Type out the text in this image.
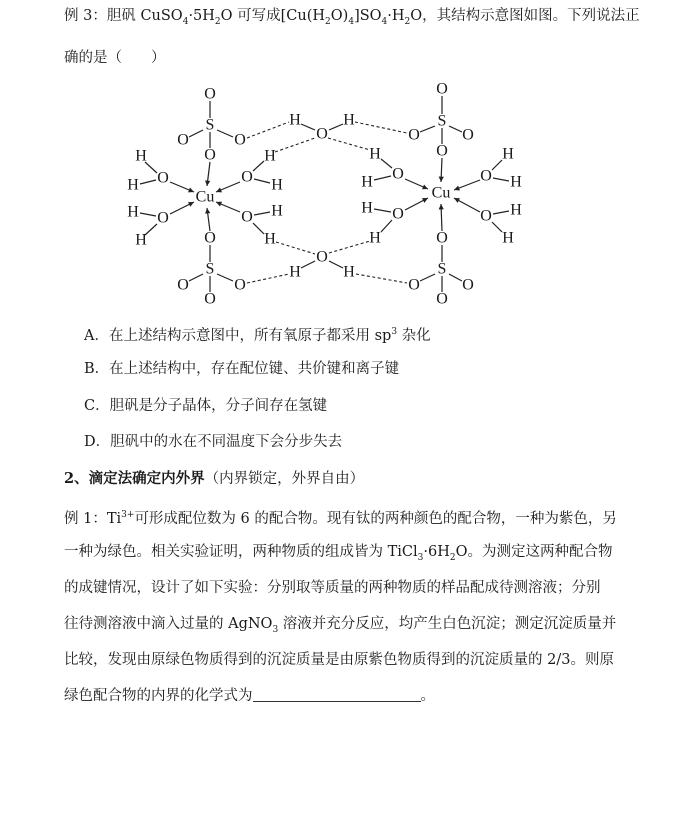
例 3：胆矾 $CuSO_4\cdot 5H_2O$ 可写成$[Cu(H_2O)_4]SO_4\cdot H_2O$，其结构示意图如图。下列说法正
确的是（　　）
Cu
O
S
O	O
O
O
S
O	O
O
H
H O
H
H
O
O
H
H
O H
H
Cu
O
S
O	O
O
O
S
O	O
O
O
H
H
O H
H
O
H
H
O
H
H
H
O
H
H
O
H
A．在上述结构示意图中，所有氧原子都采用 $sp^3$ 杂化
B．在上述结构中，存在配位键、共价键和离子键
C．胆矾是分子晶体，分子间存在氢键
D．胆矾中的水在不同温度下会分步失去
2、滴定法确定内外界（内界锁定，外界自由）
例 1：$Ti^{3+}$可形成配位数为 6 的配合物。现有钛的两种颜色的配合物，一种为紫色，另
一种为绿色。相关实验证明，两种物质的组成皆为 $TiCl_3\cdot 6H_2O$。为测定这两种配合物
的成键情况，设计了如下实验：分别取等质量的两种物质的样品配成待测溶液；分别
往待测溶液中滴入过量的 AgNO$_3$ 溶液并充分反应，均产生白色沉淀；测定沉淀质量并
比较，发现由原绿色物质得到的沉淀质量是由原紫色物质得到的沉淀质量的 2/3。则原
绿色配合物的内界的化学式为	。
